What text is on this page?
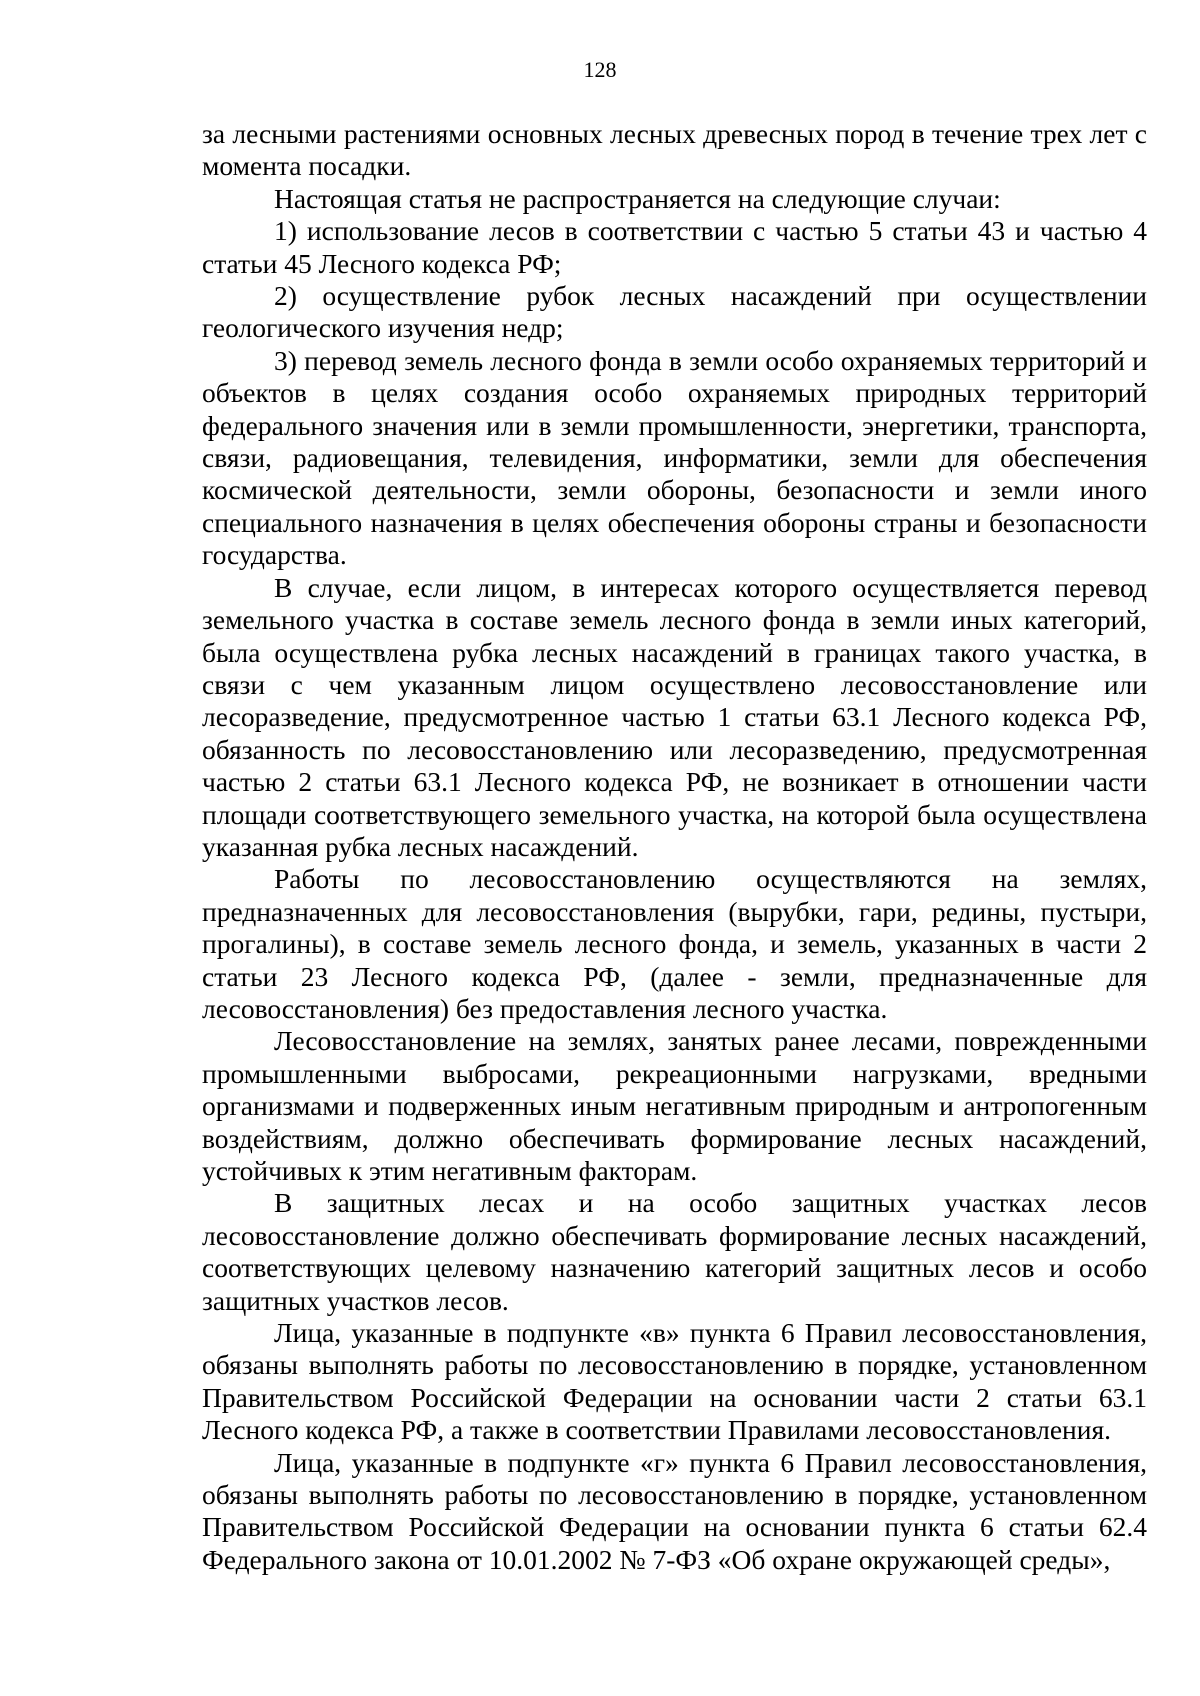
128

за лесными растениями основных лесных древесных пород в течение трех лет с момента посадки.

Настоящая статья не распространяется на следующие случаи:

1) использование лесов в соответствии с частью 5 статьи 43 и частью 4 статьи 45 Лесного кодекса РФ;

2) осуществление рубок лесных насаждений при осуществлении геологического изучения недр;

3) перевод земель лесного фонда в земли особо охраняемых территорий и объектов в целях создания особо охраняемых природных территорий федерального значения или в земли промышленности, энергетики, транспорта, связи, радиовещания, телевидения, информатики, земли для обеспечения космической деятельности, земли обороны, безопасности и земли иного специального назначения в целях обеспечения обороны страны и безопасности государства.

В случае, если лицом, в интересах которого осуществляется перевод земельного участка в составе земель лесного фонда в земли иных категорий, была осуществлена рубка лесных насаждений в границах такого участка, в связи с чем указанным лицом осуществлено лесовосстановление или лесоразведение, предусмотренное частью 1 статьи 63.1 Лесного кодекса РФ, обязанность по лесовосстановлению или лесоразведению, предусмотренная частью 2 статьи 63.1 Лесного кодекса РФ, не возникает в отношении части площади соответствующего земельного участка, на которой была осуществлена указанная рубка лесных насаждений.

Работы по лесовосстановлению осуществляются на землях, предназначенных для лесовосстановления (вырубки, гари, редины, пустыри, прогалины), в составе земель лесного фонда, и земель, указанных в части 2 статьи 23 Лесного кодекса РФ, (далее - земли, предназначенные для лесовосстановления) без предоставления лесного участка.

Лесовосстановление на землях, занятых ранее лесами, поврежденными промышленными выбросами, рекреационными нагрузками, вредными организмами и подверженных иным негативным природным и антропогенным воздействиям, должно обеспечивать формирование лесных насаждений, устойчивых к этим негативным факторам.

В защитных лесах и на особо защитных участках лесов лесовосстановление должно обеспечивать формирование лесных насаждений, соответствующих целевому назначению категорий защитных лесов и особо защитных участков лесов.

Лица, указанные в подпункте «в» пункта 6 Правил лесовосстановления, обязаны выполнять работы по лесовосстановлению в порядке, установленном Правительством Российской Федерации на основании части 2 статьи 63.1 Лесного кодекса РФ, а также в соответствии Правилами лесовосстановления.

Лица, указанные в подпункте «г» пункта 6 Правил лесовосстановления, обязаны выполнять работы по лесовосстановлению в порядке, установленном Правительством Российской Федерации на основании пункта 6 статьи 62.4 Федерального закона от 10.01.2002 № 7-ФЗ «Об охране окружающей среды»,
